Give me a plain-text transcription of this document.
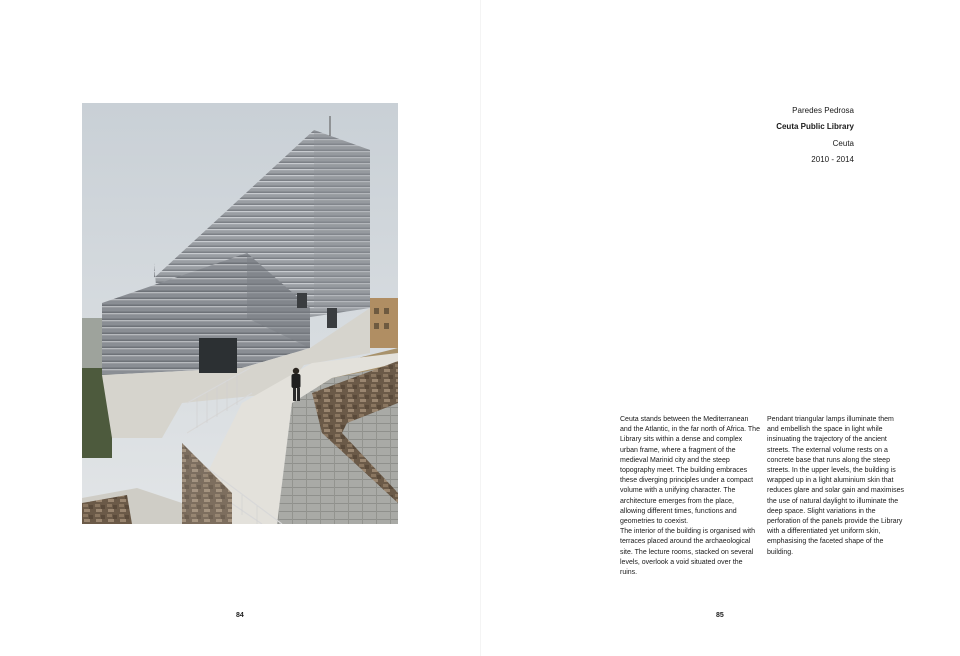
Paredes Pedrosa
Ceuta Public Library
Ceuta
2010 - 2014

Ceuta stands between the Mediterranean and the Atlantic, in the far north of Africa. The Library sits within a dense and complex urban frame, where a fragment of the medieval Marinid city and the steep topography meet. The building embraces these diverging principles under a compact volume with a unifying character. The architecture emerges from the place, allowing different times, functions and geometries to coexist.

The interior of the building is organised with terraces placed around the archaeological site. The lecture rooms, stacked on several levels, overlook a void situated over the ruins.

Pendant triangular lamps illuminate them and embellish the space in light while insinuating the trajectory of the ancient streets. The external volume rests on a concrete base that runs along the steep streets. In the upper levels, the building is wrapped up in a light aluminium skin that reduces glare and solar gain and maximises the use of natural daylight to illuminate the deep space. Slight variations in the perforation of the panels provide the Library with a differentiated yet uniform skin, emphasising the faceted shape of the building.

84	85
